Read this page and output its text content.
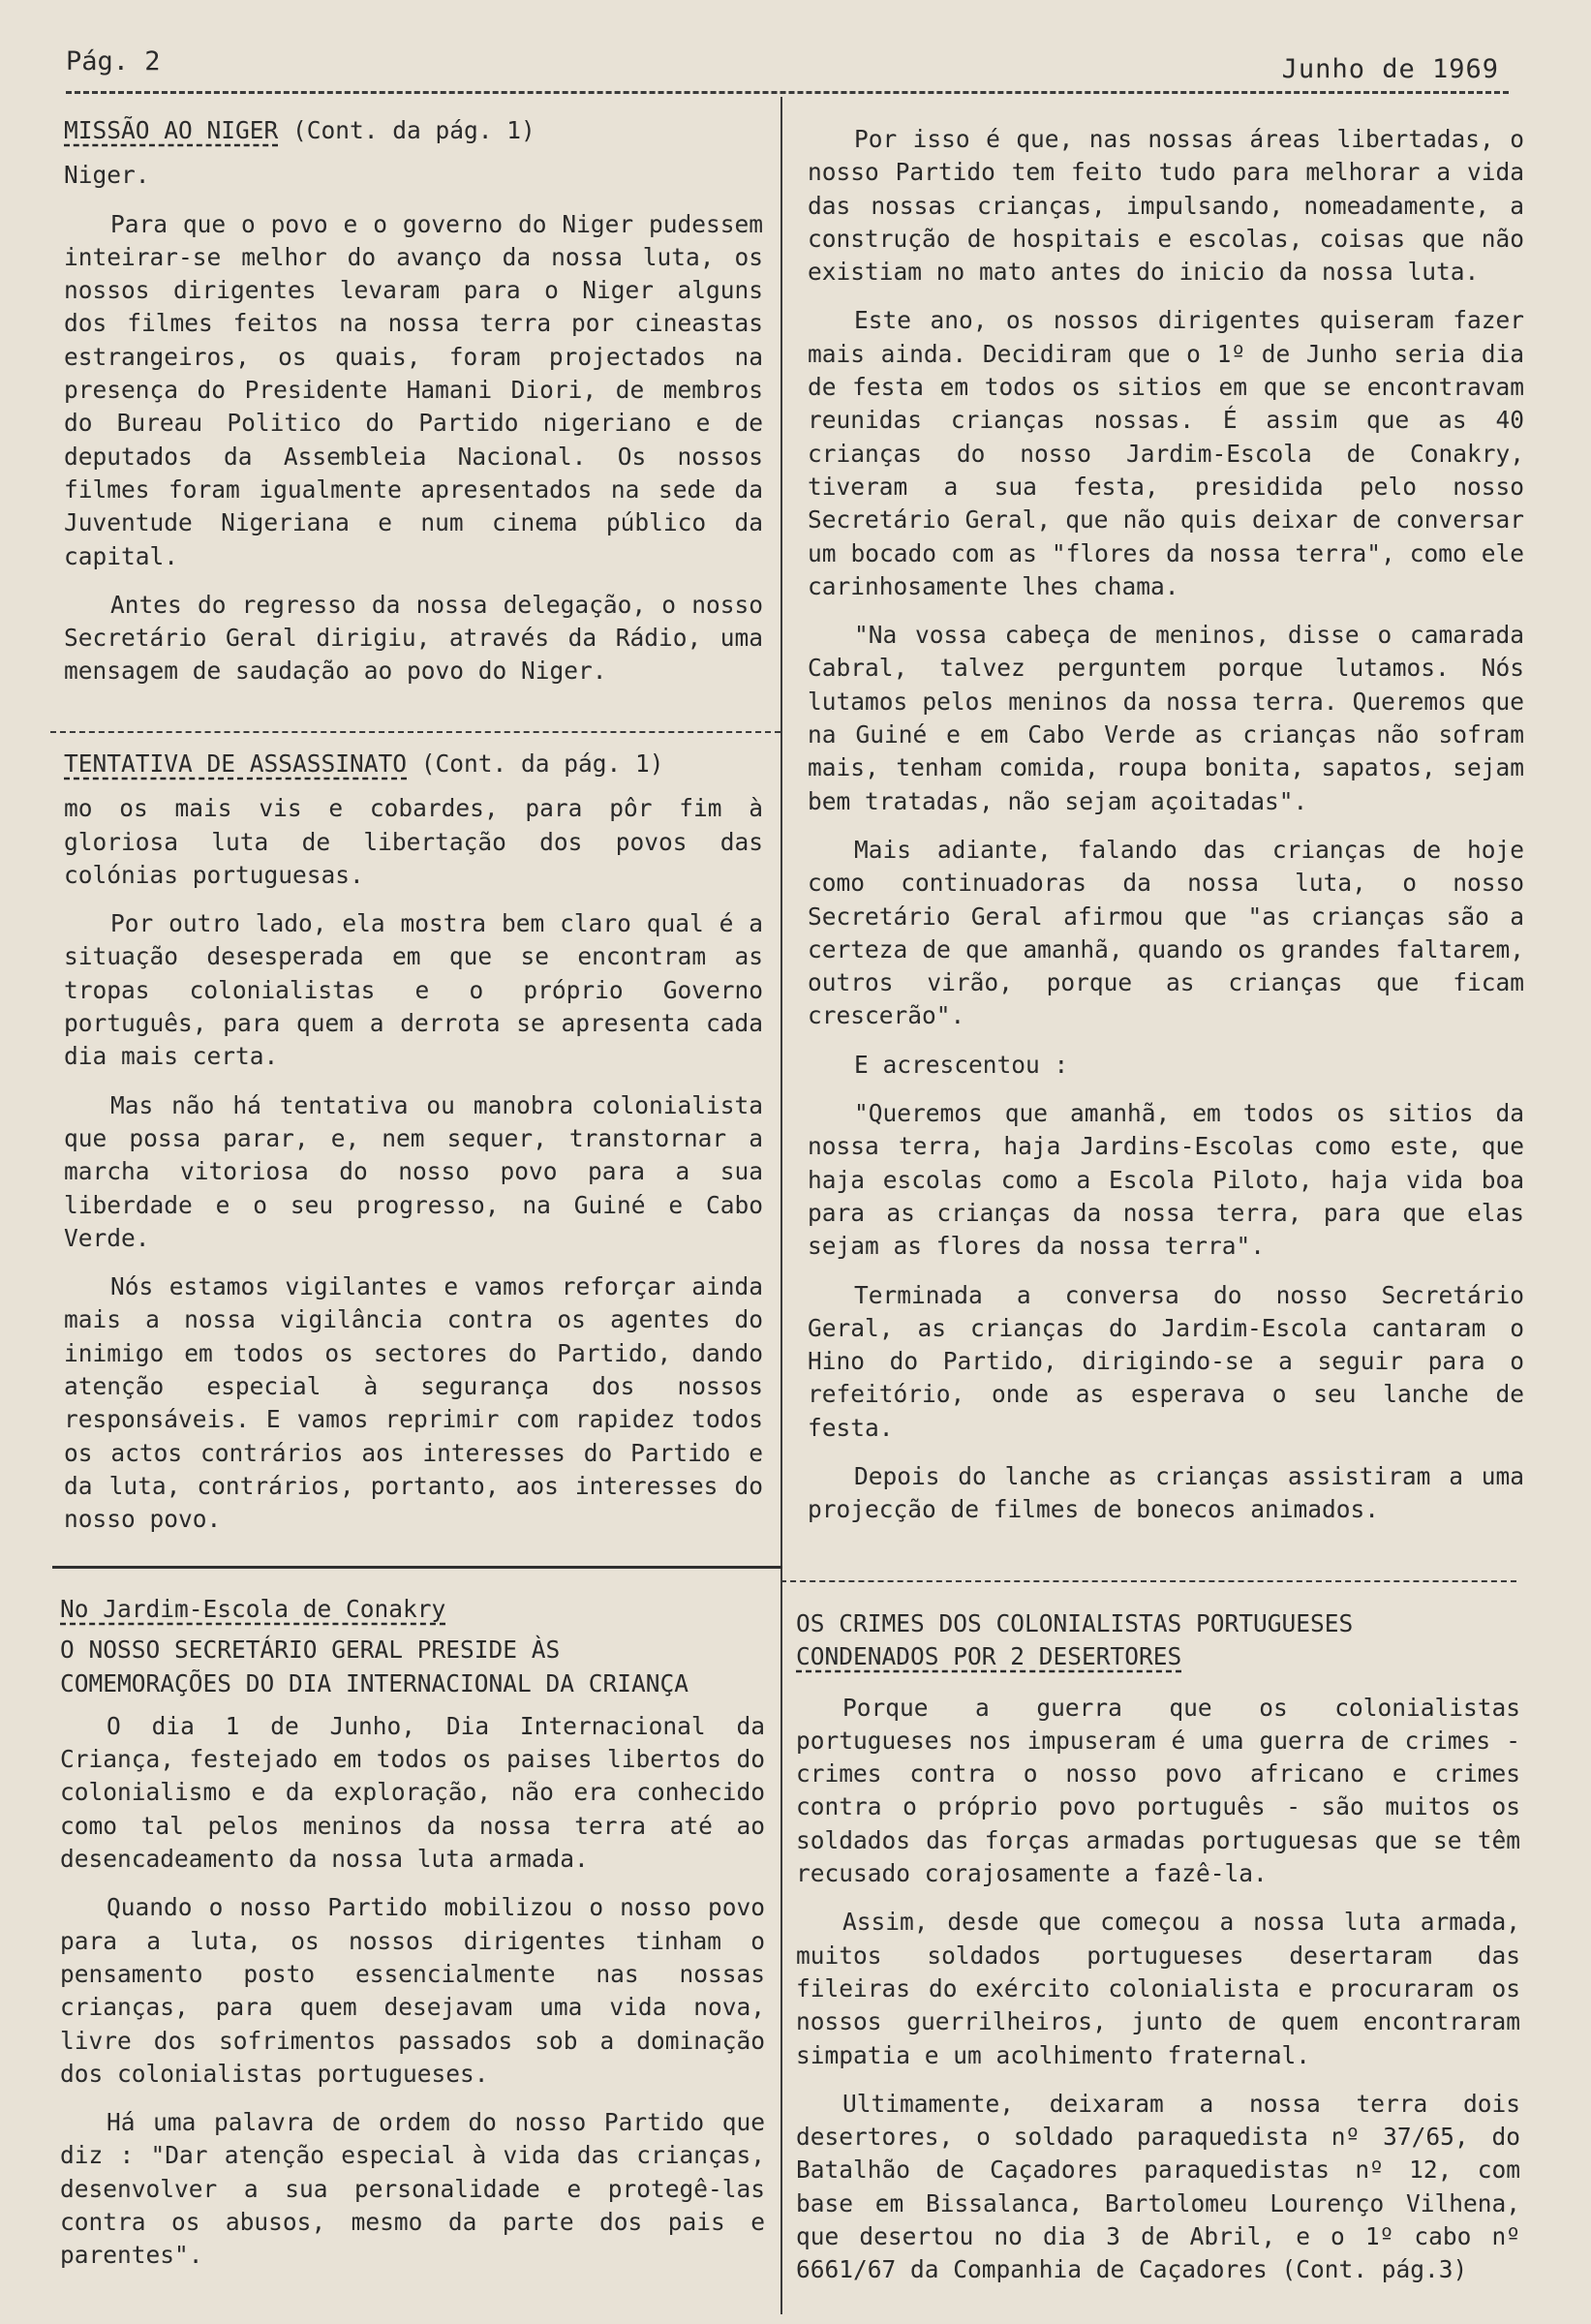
Pág. 2	Junho de 1969
MISSÃO AO NIGER (Cont. da pág. 1)

Niger.

Para que o povo e o governo do Niger pudessem inteirar-se melhor do avanço da nossa luta, os nossos dirigentes levaram para o Niger alguns dos filmes feitos na nossa terra por cineastas estrangeiros, os quais, foram projectados na presença do Presidente Hamani Diori, de membros do Bureau Politico do Partido nigeriano e de deputados da Assembleia Nacional. Os nossos filmes foram igualmente apresentados na sede da Juventude Nigeriana e num cinema público da capital.

Antes do regresso da nossa delegação, o nosso Secretário Geral dirigiu, através da Rádio, uma mensagem de saudação ao povo do Niger.

TENTATIVA DE ASSASSINATO (Cont. da pág. 1)

mo os mais vis e cobardes, para pôr fim à gloriosa luta de libertação dos povos das colónias portuguesas.

Por outro lado, ela mostra bem claro qual é a situação desesperada em que se encontram as tropas colonialistas e o próprio Governo português, para quem a derrota se apresenta cada dia mais certa.

Mas não há tentativa ou manobra colonialista que possa parar, e, nem sequer, transtornar a marcha vitoriosa do nosso povo para a sua liberdade e o seu progresso, na Guiné e Cabo Verde.

Nós estamos vigilantes e vamos reforçar ainda mais a nossa vigilância contra os agentes do inimigo em todos os sectores do Partido, dando atenção especial à segurança dos nossos responsáveis. E vamos reprimir com rapidez todos os actos contrários aos interesses do Partido e da luta, contrários, portanto, aos interesses do nosso povo.

No Jardim-Escola de Conakry
O NOSSO SECRETÁRIO GERAL PRESIDE ÀS
COMEMORAÇÕES DO DIA INTERNACIONAL DA CRIANÇA

O dia 1 de Junho, Dia Internacional da Criança, festejado em todos os paises libertos do colonialismo e da exploração, não era conhecido como tal pelos meninos da nossa terra até ao desencadeamento da nossa luta armada.

Quando o nosso Partido mobilizou o nosso povo para a luta, os nossos dirigentes tinham o pensamento posto essencialmente nas nossas crianças, para quem desejavam uma vida nova, livre dos sofrimentos passados sob a dominação dos colonialistas portugueses.

Há uma palavra de ordem do nosso Partido que diz : "Dar atenção especial à vida das crianças, desenvolver a sua personalidade e protegê-las contra os abusos, mesmo da parte dos pais e parentes".

Por isso é que, nas nossas áreas libertadas, o nosso Partido tem feito tudo para melhorar a vida das nossas crianças, impulsando, nomeadamente, a construção de hospitais e escolas, coisas que não existiam no mato antes do inicio da nossa luta.

Este ano, os nossos dirigentes quiseram fazer mais ainda. Decidiram que o 1º de Junho seria dia de festa em todos os sitios em que se encontravam reunidas crianças nossas. É assim que as 40 crianças do nosso Jardim-Escola de Conakry, tiveram a sua festa, presidida pelo nosso Secretário Geral, que não quis deixar de conversar um bocado com as "flores da nossa terra", como ele carinhosamente lhes chama.

"Na vossa cabeça de meninos, disse o camarada Cabral, talvez perguntem porque lutamos. Nós lutamos pelos meninos da nossa terra. Queremos que na Guiné e em Cabo Verde as crianças não sofram mais, tenham comida, roupa bonita, sapatos, sejam bem tratadas, não sejam açoitadas".

Mais adiante, falando das crianças de hoje como continuadoras da nossa luta, o nosso Secretário Geral afirmou que "as crianças são a certeza de que amanhã, quando os grandes faltarem, outros virão, porque as crianças que ficam crescerão".

E acrescentou :

"Queremos que amanhã, em todos os sitios da nossa terra, haja Jardins-Escolas como este, que haja escolas como a Escola Piloto, haja vida boa para as crianças da nossa terra, para que elas sejam as flores da nossa terra".

Terminada a conversa do nosso Secretário Geral, as crianças do Jardim-Escola cantaram o Hino do Partido, dirigindo-se a seguir para o refeitório, onde as esperava o seu lanche de festa.

Depois do lanche as crianças assistiram a uma projecção de filmes de bonecos animados.

OS CRIMES DOS COLONIALISTAS PORTUGUESES
CONDENADOS POR 2 DESERTORES

Porque a guerra que os colonialistas portugueses nos impuseram é uma guerra de crimes - crimes contra o nosso povo africano e crimes contra o próprio povo português - são muitos os soldados das forças armadas portuguesas que se têm recusado corajosamente a fazê-la.

Assim, desde que começou a nossa luta armada, muitos soldados portugueses desertaram das fileiras do exército colonialista e procuraram os nossos guerrilheiros, junto de quem encontraram simpatia e um acolhimento fraternal.

Ultimamente, deixaram a nossa terra dois desertores, o soldado paraquedista nº 37/65, do Batalhão de Caçadores paraquedistas nº 12, com base em Bissalanca, Bartolomeu Lourenço Vilhena, que desertou no dia 3 de Abril, e o 1º cabo nº 6661/67 da Companhia de Caçadores (Cont. pág.3)
